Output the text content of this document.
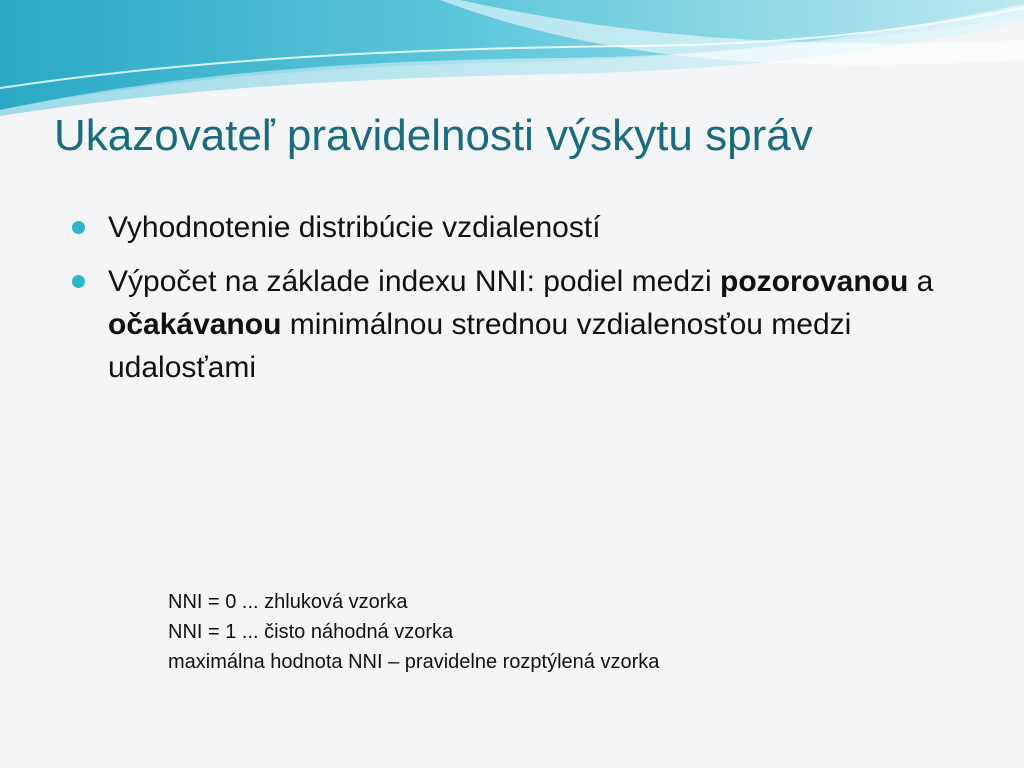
Ukazovateľ pravidelnosti výskytu správ
Vyhodnotenie distribúcie vzdialeností
Výpočet na základe indexu NNI: podiel medzi pozorovanou a očakávanou minimálnou strednou vzdialenosťou medzi udalosťami
NNI = 0 ... zhluková vzorka
NNI = 1 ... čisto náhodná vzorka
maximálna hodnota NNI – pravidelne rozptýlená vzorka
